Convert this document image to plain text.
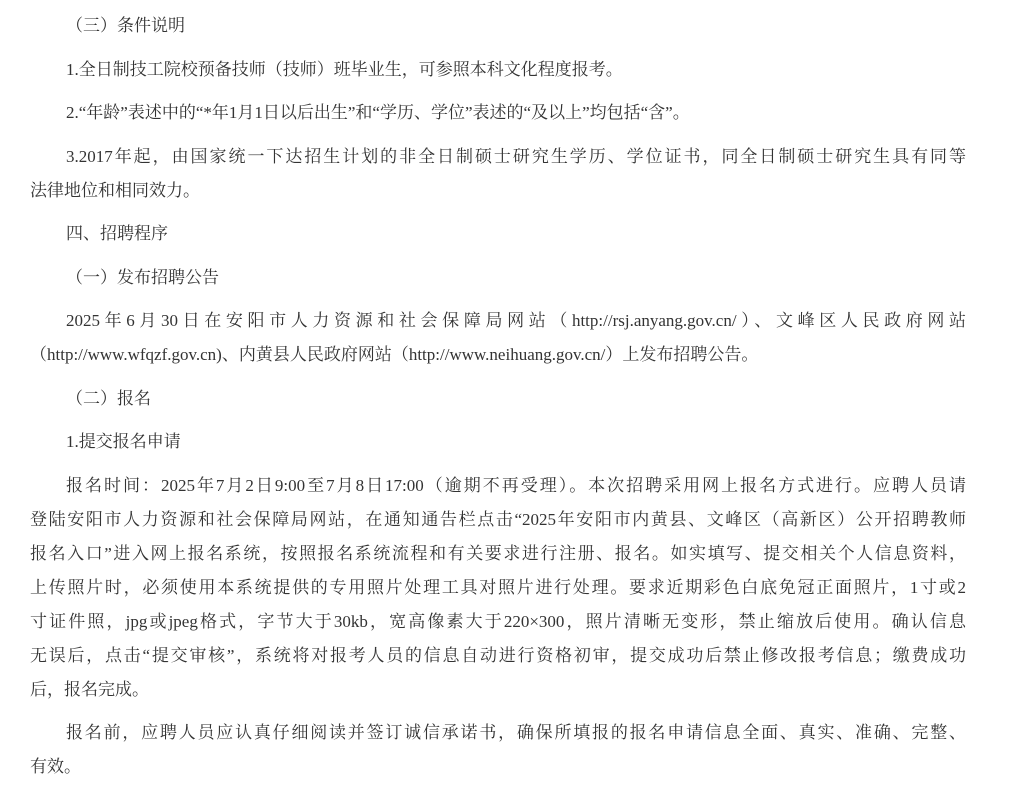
（三）条件说明
1.全日制技工院校预备技师（技师）班毕业生，可参照本科文化程度报考。
2.“年龄”表述中的“*年1月1日以后出生”和“学历、学位”表述的“及以上”均包括“含”。
3.2017年起，由国家统一下达招生计划的非全日制硕士研究生学历、学位证书，同全日制硕士研究生具有同等
法律地位和相同效力。
四、招聘程序
（一）发布招聘公告
2025年6月30日在安阳市人力资源和社会保障局网站（http://rsj.anyang.gov.cn/）、文峰区人民政府网站
（http://www.wfqzf.gov.cn)、内黄县人民政府网站（http://www.neihuang.gov.cn/）上发布招聘公告。
（二）报名
1.提交报名申请
报名时间：2025年7月2日9:00至7月8日17:00（逾期不再受理）。本次招聘采用网上报名方式进行。应聘人员请
登陆安阳市人力资源和社会保障局网站，在通知通告栏点击“2025年安阳市内黄县、文峰区（高新区）公开招聘教师
报名入口”进入网上报名系统，按照报名系统流程和有关要求进行注册、报名。如实填写、提交相关个人信息资料，
上传照片时，必须使用本系统提供的专用照片处理工具对照片进行处理。要求近期彩色白底免冠正面照片，1寸或2
寸证件照，jpg或jpeg格式，字节大于30kb，宽高像素大于220×300，照片清晰无变形，禁止缩放后使用。确认信息
无误后，点击“提交审核”，系统将对报考人员的信息自动进行资格初审，提交成功后禁止修改报考信息；缴费成功
后，报名完成。
报名前，应聘人员应认真仔细阅读并签订诚信承诺书，确保所填报的报名申请信息全面、真实、准确、完整、
有效。
